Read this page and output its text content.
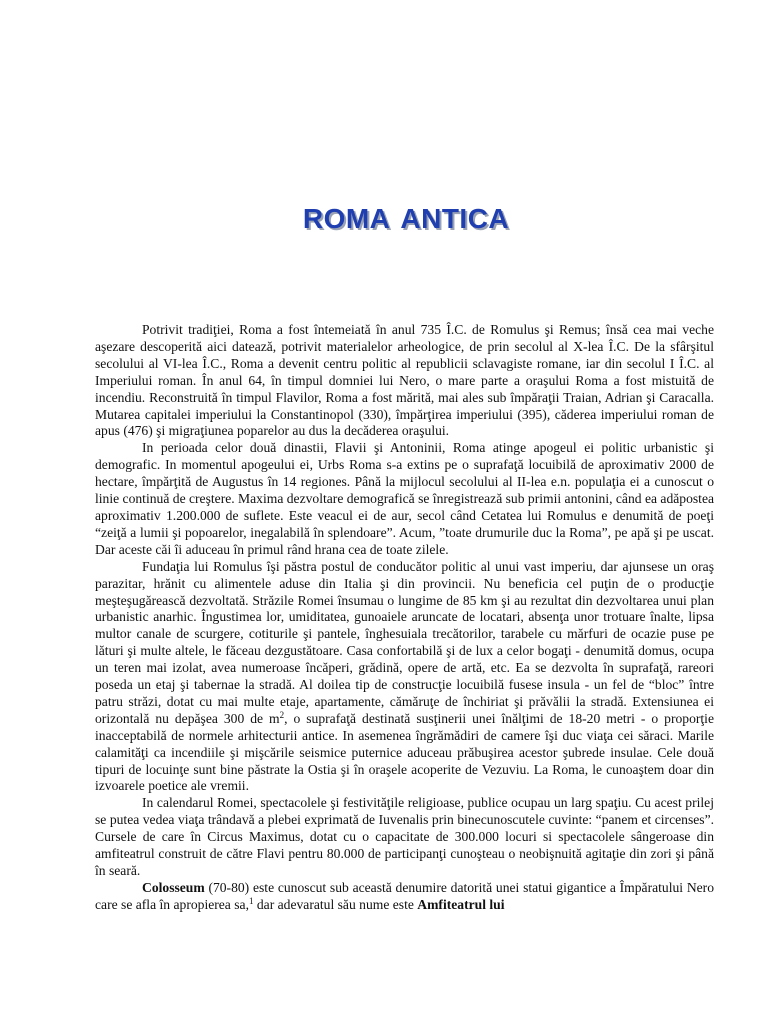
ROMA ANTICA

Potrivit tradiţiei, Roma a fost întemeiată în anul 735 Î.C. de Romulus şi Remus; însă cea mai veche aşezare descoperită aici datează, potrivit materialelor arheologice, de prin secolul al X-lea Î.C. De la sfârşitul secolului al VI-lea Î.C., Roma a devenit centru politic al republicii sclavagiste romane, iar din secolul I Î.C. al Imperiului roman. În anul 64, în timpul domniei lui Nero, o mare parte a oraşului Roma a fost mistuită de incendiu. Reconstruită în timpul Flavilor, Roma a fost mărită, mai ales sub împăraţii Traian, Adrian şi Caracalla. Mutarea capitalei imperiului la Constantinopol (330), împărţirea imperiului (395), căderea imperiului roman de apus (476) şi migraţiunea poparelor au dus la decăderea oraşului.

In perioada celor două dinastii, Flavii şi Antoninii, Roma atinge apogeul ei politic urbanistic şi demografic. In momentul apogeului ei, Urbs Roma s-a extins pe o suprafaţă locuibilă de aproximativ 2000 de hectare, împărţită de Augustus în 14 regiones. Până la mijlocul secolului al II-lea e.n. populaţia ei a cunoscut o linie continuă de creştere. Maxima dezvoltare demografică se înregistrează sub primii antonini, când ea adăpostea aproximativ 1.200.000 de suflete. Este veacul ei de aur, secol când Cetatea lui Romulus e denumită de poeţi “zeiţă a lumii şi popoarelor, inegalabilă în splendoare”. Acum, ”toate drumurile duc la Roma”, pe apă şi pe uscat. Dar aceste căi îi aduceau în primul rând hrana cea de toate zilele.

Fundaţia lui Romulus îşi păstra postul de conducător politic al unui vast imperiu, dar ajunsese un oraş parazitar, hrănit cu alimentele aduse din Italia şi din provincii. Nu beneficia cel puţin de o producţie meşteşugărească dezvoltată. Străzile Romei însumau o lungime de 85 km şi au rezultat din dezvoltarea unui plan urbanistic anarhic. Îngustimea lor, umiditatea, gunoaiele aruncate de locatari, absenţa unor trotuare înalte, lipsa multor canale de scurgere, cotiturile şi pantele, înghesuiala trecătorilor, tarabele cu mărfuri de ocazie puse pe lături şi multe altele, le făceau dezgustătoare. Casa confortabilă şi de lux a celor bogaţi - denumită domus, ocupa un teren mai izolat, avea numeroase încăperi, grădină, opere de artă, etc. Ea se dezvolta în suprafaţă, rareori poseda un etaj şi tabernae la stradă. Al doilea tip de construcţie locuibilă fusese insula - un fel de “bloc” între patru străzi, dotat cu mai multe etaje, apartamente, cămăruţe de închiriat şi prăvălii la stradă. Extensiunea ei orizontală nu depăşea 300 de $m^2$, o suprafaţă destinată susţinerii unei înălţimi de 18-20 metri - o proporţie inacceptabilă de normele arhitecturii antice. In asemenea îngrămădiri de camere îşi duc viaţa cei săraci. Marile calamităţi ca incendiile şi mişcările seismice puternice aduceau prăbuşirea acestor şubrede insulae. Cele două tipuri de locuinţe sunt bine păstrate la Ostia şi în oraşele acoperite de Vezuviu. La Roma, le cunoaştem doar din izvoarele poetice ale vremii.

In calendarul Romei, spectacolele şi festivităţile religioase, publice ocupau un larg spaţiu. Cu acest prilej se putea vedea viaţa trândavă a plebei exprimată de Iuvenalis prin binecunoscutele cuvinte: “panem et circenses”. Cursele de care în Circus Maximus, dotat cu o capacitate de 300.000 locuri si spectacolele sângeroase din amfiteatrul construit de către Flavi pentru 80.000 de participanţi cunoşteau o neobişnuită agitaţie din zori şi până în seară.

Colosseum (70-80) este cunoscut sub această denumire datorită unei statui gigantice a Împăratului Nero care se afla în apropierea sa,$^1$ dar adevaratul său nume este Amfiteatrul lui
